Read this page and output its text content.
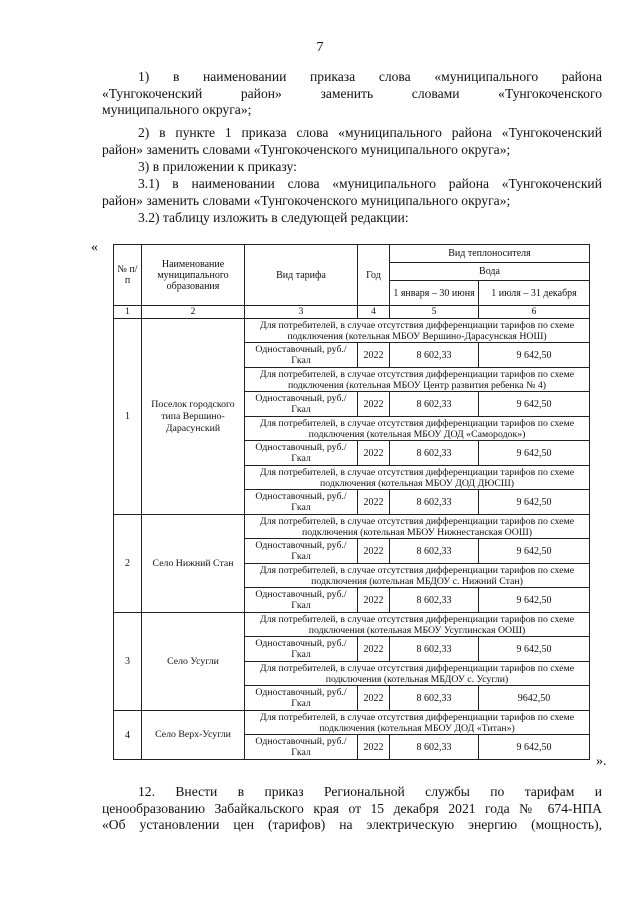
7
1) в наименовании приказа слова «муниципального района
«Тунгокоченский район» заменить словами «Тунгокоченского
муниципального округа»;
2) в пункте 1 приказа слова «муниципального района «Тунгокоченский
район» заменить словами «Тунгокоченского муниципального округа»;
3) в приложении к приказу:
3.1) в наименовании слова «муниципального района «Тунгокоченский
район» заменить словами «Тунгокоченского муниципального округа»;
3.2) таблицу изложить в следующей редакции:
«
№ п/п	Наименование муниципального образования	Вид тарифа	Год	Вид теплоносителя	
				Вода	
				1 января – 30 июня	1 июля – 31 декабря
1	2	3	4	5	6
1	Поселок городского типа Вершино-Дарасунский	Для потребителей, в случае отсутствия дифференциации тарифов по схеме подключения (котельная МБОУ Вершино-Дарасунская НОШ)			
		Одноставочный, руб./Гкал	2022	8 602,33	9 642,50
		Для потребителей, в случае отсутствия дифференциации тарифов по схеме подключения (котельная МБОУ Центр развития ребенка № 4)			
		Одноставочный, руб./Гкал	2022	8 602,33	9 642,50
		Для потребителей, в случае отсутствия дифференциации тарифов по схеме подключения (котельная МБОУ ДОД «Самородок»)			
		Одноставочный, руб./Гкал	2022	8 602,33	9 642,50
		Для потребителей, в случае отсутствия дифференциации тарифов по схеме подключения (котельная МБОУ ДОД ДЮСШ)			
		Одноставочный, руб./Гкал	2022	8 602,33	9 642,50
2	Село Нижний Стан	Для потребителей, в случае отсутствия дифференциации тарифов по схеме подключения (котельная МБОУ Нижнестанская ООШ)			
		Одноставочный, руб./Гкал	2022	8 602,33	9 642,50
		Для потребителей, в случае отсутствия дифференциации тарифов по схеме подключения (котельная МБДОУ с. Нижний Стан)			
		Одноставочный, руб./Гкал	2022	8 602,33	9 642,50
3	Село Усугли	Для потребителей, в случае отсутствия дифференциации тарифов по схеме подключения (котельная МБОУ Усуглинская ООШ)			
		Одноставочный, руб./Гкал	2022	8 602,33	9 642,50
		Для потребителей, в случае отсутствия дифференциации тарифов по схеме подключения (котельная МБДОУ с. Усугли)			
		Одноставочный, руб./Гкал	2022	8 602,33	9642,50
4	Село Верх-Усугли	Для потребителей, в случае отсутствия дифференциации тарифов по схеме подключения (котельная МБОУ ДОД «Титан»)			
		Одноставочный, руб./Гкал	2022	8 602,33	9 642,50
».
12. Внести в приказ Региональной службы по тарифам и
ценообразованию Забайкальского края от 15 декабря 2021 года № 674-НПА
«Об установлении цен (тарифов) на электрическую энергию (мощность),
